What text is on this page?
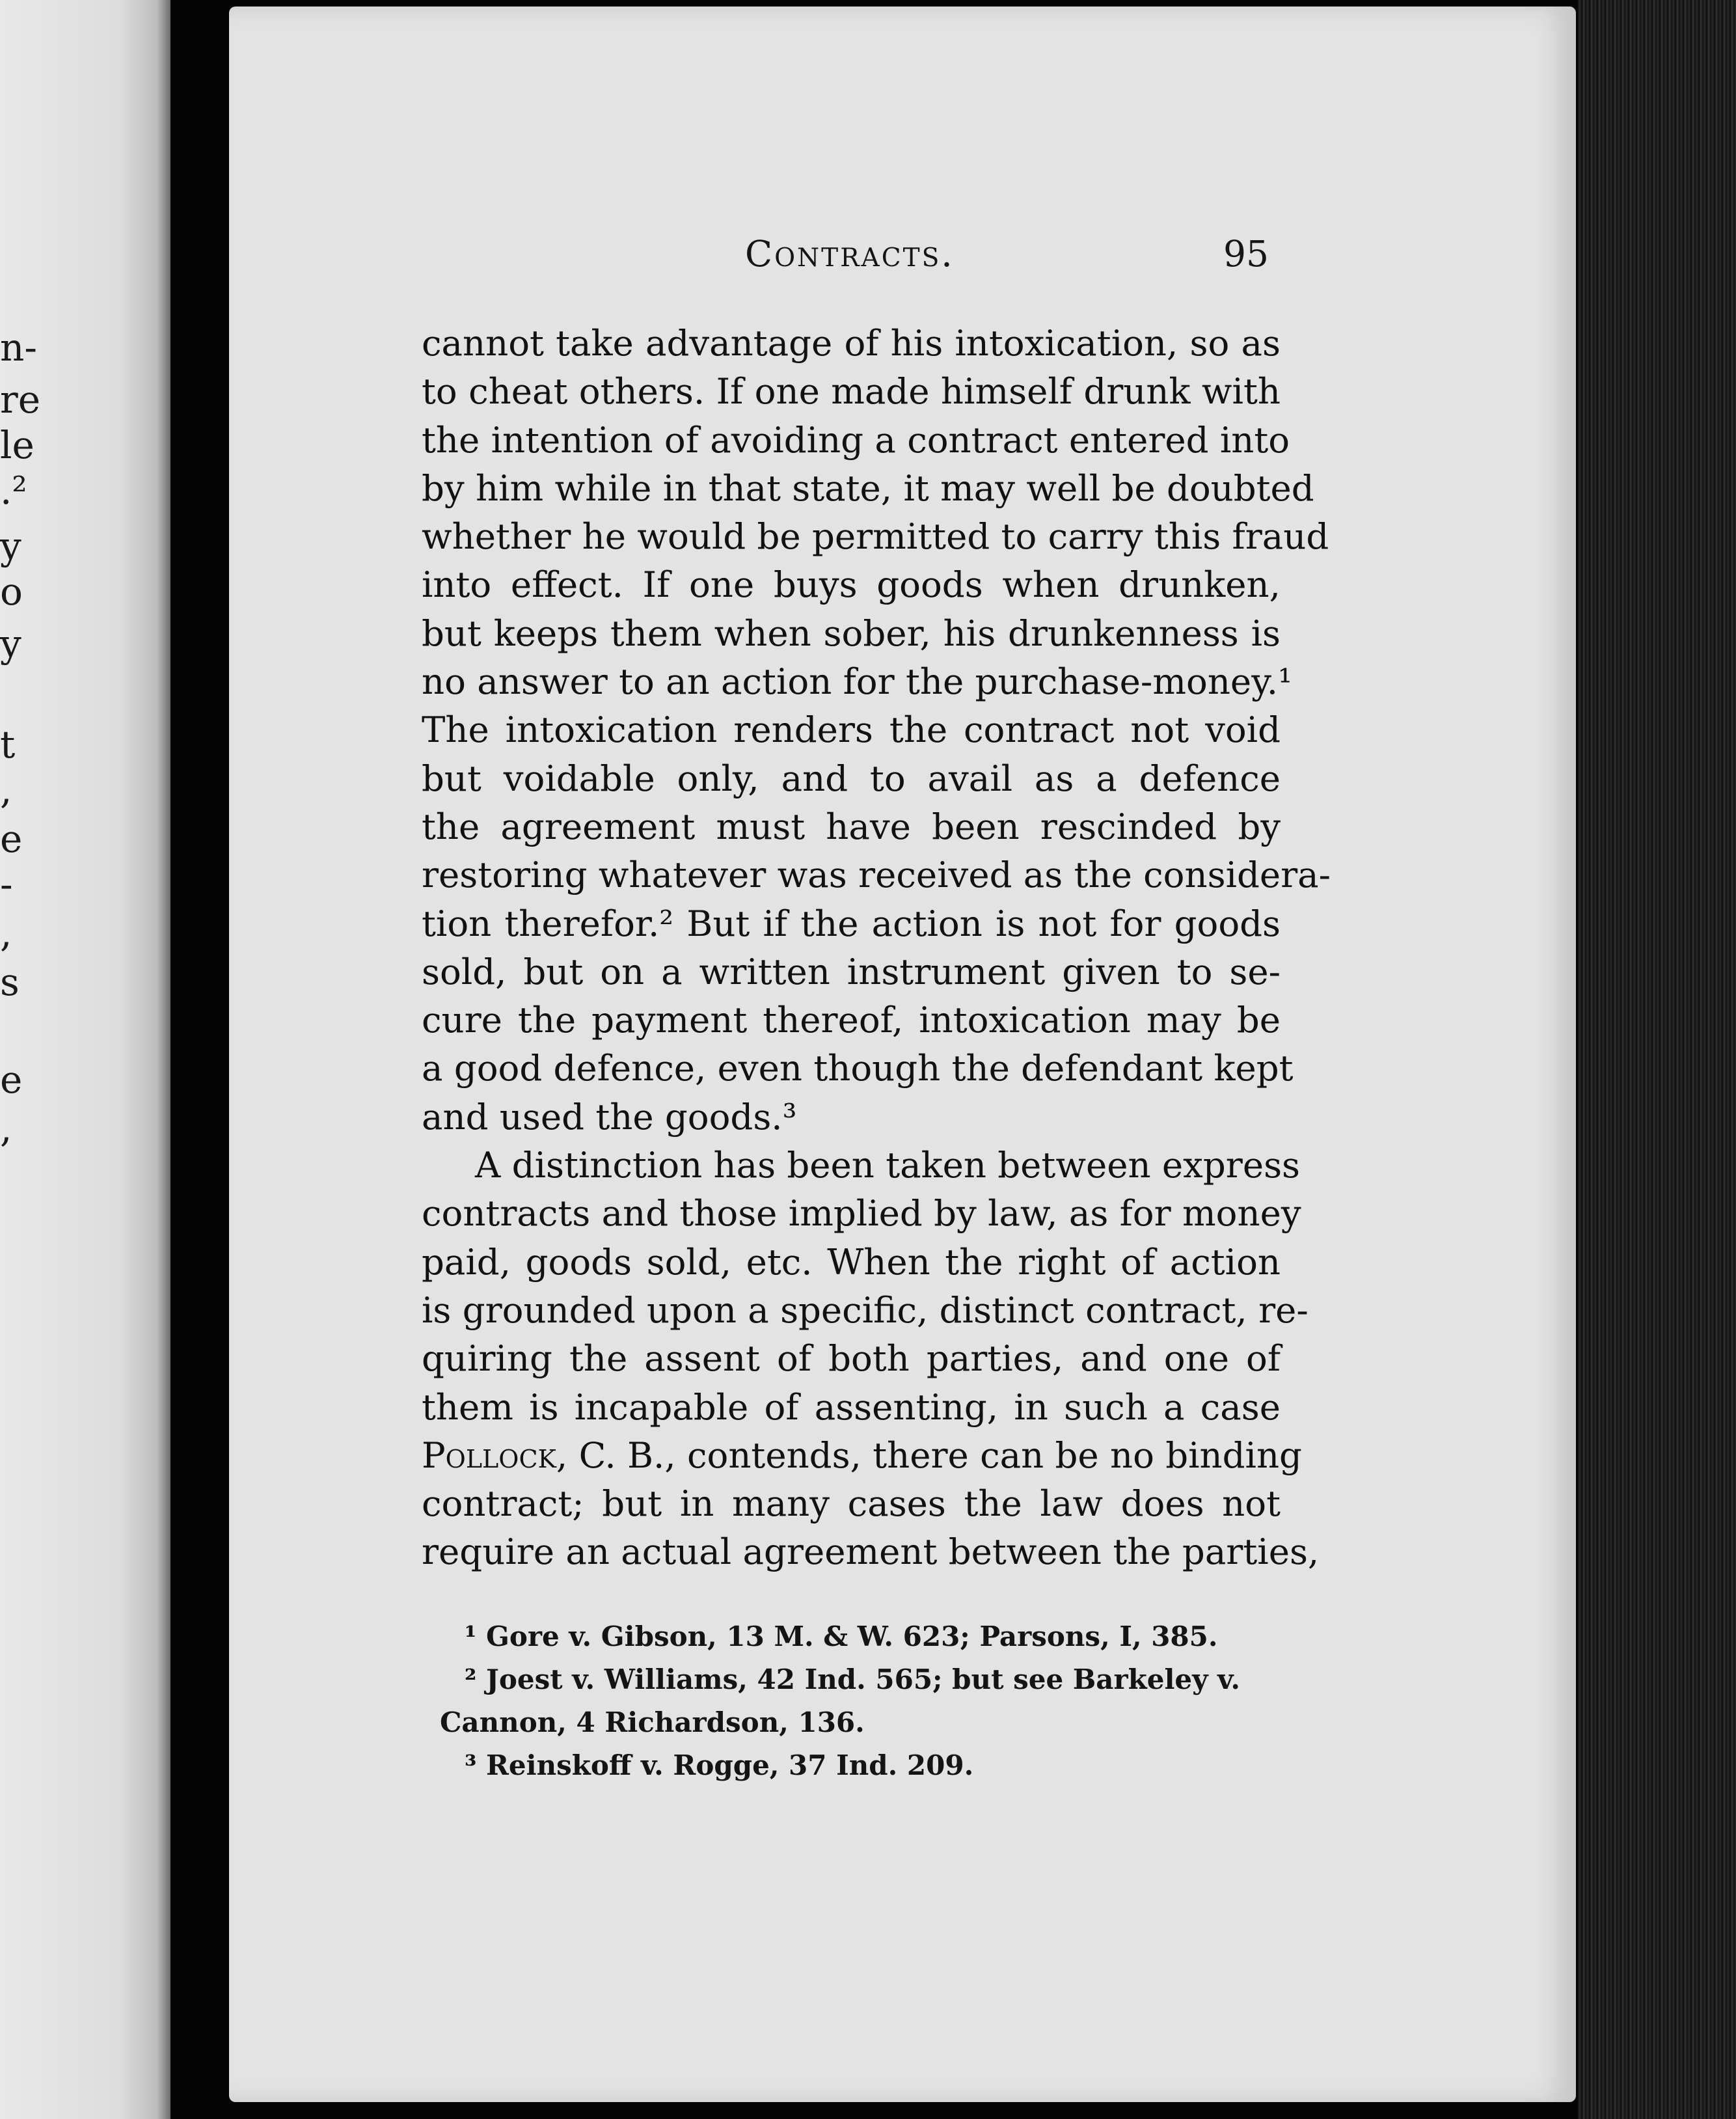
n-
re
le
.²
y
o
y
t
,
e
-
,
s
e
,
Contracts.	95
cannot take advantage of his intoxication, so as
to cheat others. If one made himself drunk with
the intention of avoiding a contract entered into
by him while in that state, it may well be doubted
whether he would be permitted to carry this fraud
into effect. If one buys goods when drunken,
but keeps them when sober, his drunkenness is
no answer to an action for the purchase-money.¹
The intoxication renders the contract not void
but voidable only, and to avail as a defence
the agreement must have been rescinded by
restoring whatever was received as the considera-
tion therefor.² But if the action is not for goods
sold, but on a written instrument given to se-
cure the payment thereof, intoxication may be
a good defence, even though the defendant kept
and used the goods.³
A distinction has been taken between express
contracts and those implied by law, as for money
paid, goods sold, etc. When the right of action
is grounded upon a specific, distinct contract, re-
quiring the assent of both parties, and one of
them is incapable of assenting, in such a case
Pollock, C. B., contends, there can be no binding
contract; but in many cases the law does not
require an actual agreement between the parties,
¹ Gore v. Gibson, 13 M. & W. 623; Parsons, I, 385.
² Joest v. Williams, 42 Ind. 565; but see Barkeley v.
Cannon, 4 Richardson, 136.
³ Reinskoff v. Rogge, 37 Ind. 209.
